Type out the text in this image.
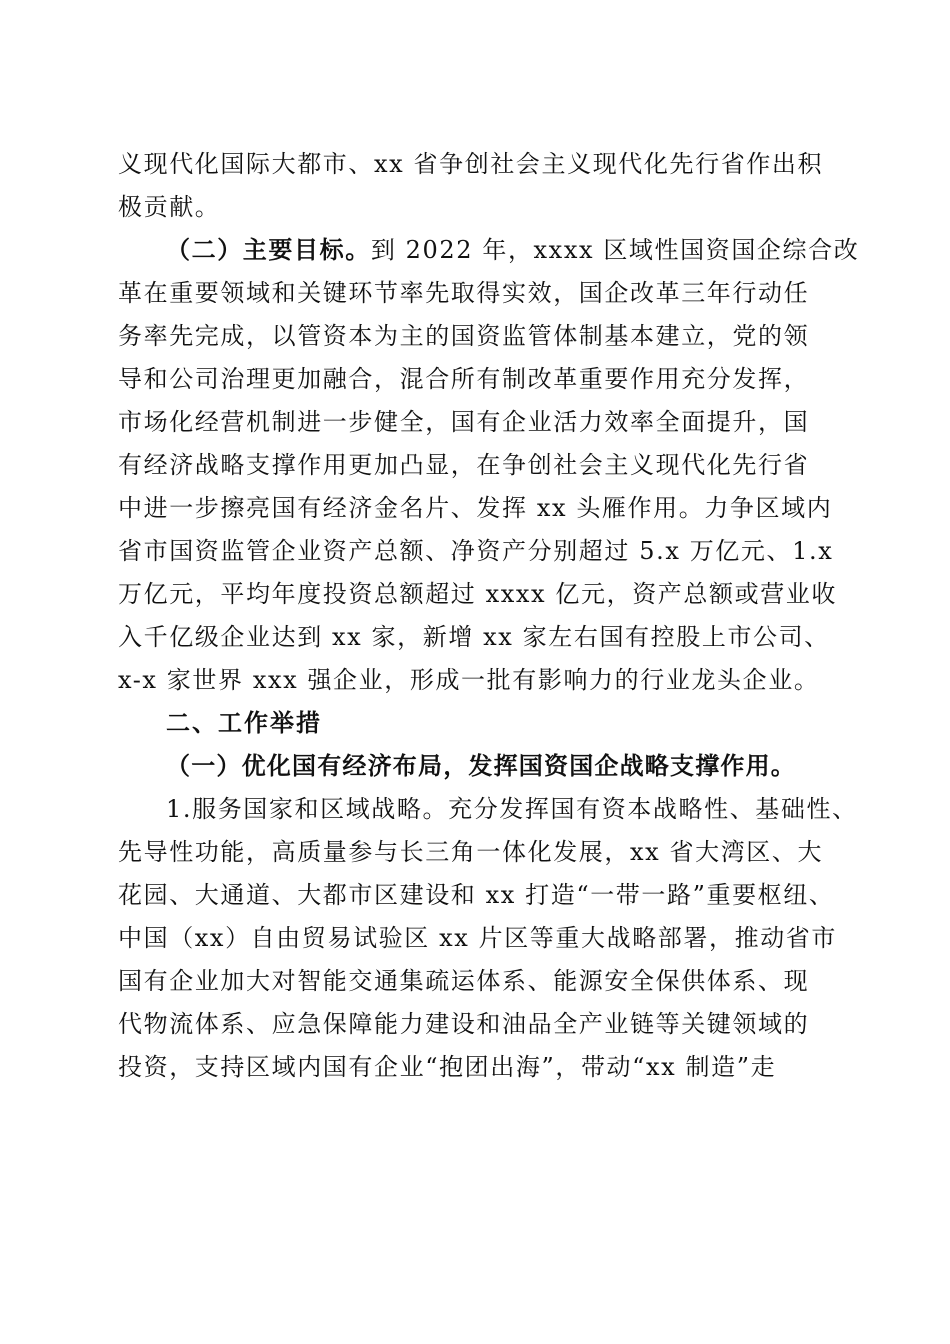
义现代化国际大都市、xx 省争创社会主义现代化先行省作出积
极贡献。
（二）主要目标。到 2022 年，xxxx 区域性国资国企综合改
革在重要领域和关键环节率先取得实效，国企改革三年行动任
务率先完成，以管资本为主的国资监管体制基本建立，党的领
导和公司治理更加融合，混合所有制改革重要作用充分发挥，
市场化经营机制进一步健全，国有企业活力效率全面提升，国
有经济战略支撑作用更加凸显，在争创社会主义现代化先行省
中进一步擦亮国有经济金名片、发挥 xx 头雁作用。力争区域内
省市国资监管企业资产总额、净资产分别超过 5.x 万亿元、1.x
万亿元，平均年度投资总额超过 xxxx 亿元，资产总额或营业收
入千亿级企业达到 xx 家，新增 xx 家左右国有控股上市公司、
x-x 家世界 xxx 强企业，形成一批有影响力的行业龙头企业。
二、工作举措
（一）优化国有经济布局，发挥国资国企战略支撑作用。
1.服务国家和区域战略。充分发挥国有资本战略性、基础性、
先导性功能，高质量参与长三角一体化发展，xx 省大湾区、大
花园、大通道、大都市区建设和 xx 打造“一带一路”重要枢纽、
中国（xx）自由贸易试验区 xx 片区等重大战略部署，推动省市
国有企业加大对智能交通集疏运体系、能源安全保供体系、现
代物流体系、应急保障能力建设和油品全产业链等关键领域的
投资，支持区域内国有企业“抱团出海”，带动“xx 制造”走
